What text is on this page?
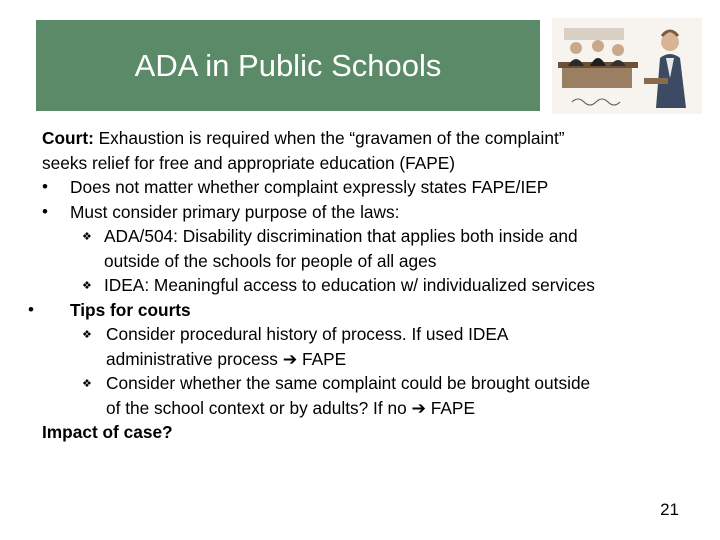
ADA in Public Schools
Court: Exhaustion is required when the “gravamen of the complaint”
seeks relief for free and appropriate education (FAPE)
• Does not matter whether complaint expressly states FAPE/IEP
• Must consider primary purpose of the laws:
❖ ADA/504: Disability discrimination that applies both inside and
outside of the schools for people of all ages
❖ IDEA: Meaningful access to education w/ individualized services
• Tips for courts
❖ Consider procedural history of process. If used IDEA
administrative process ➔ FAPE
❖ Consider whether the same complaint could be brought outside
of the school context or by adults? If no ➔ FAPE
Impact of case?
21
